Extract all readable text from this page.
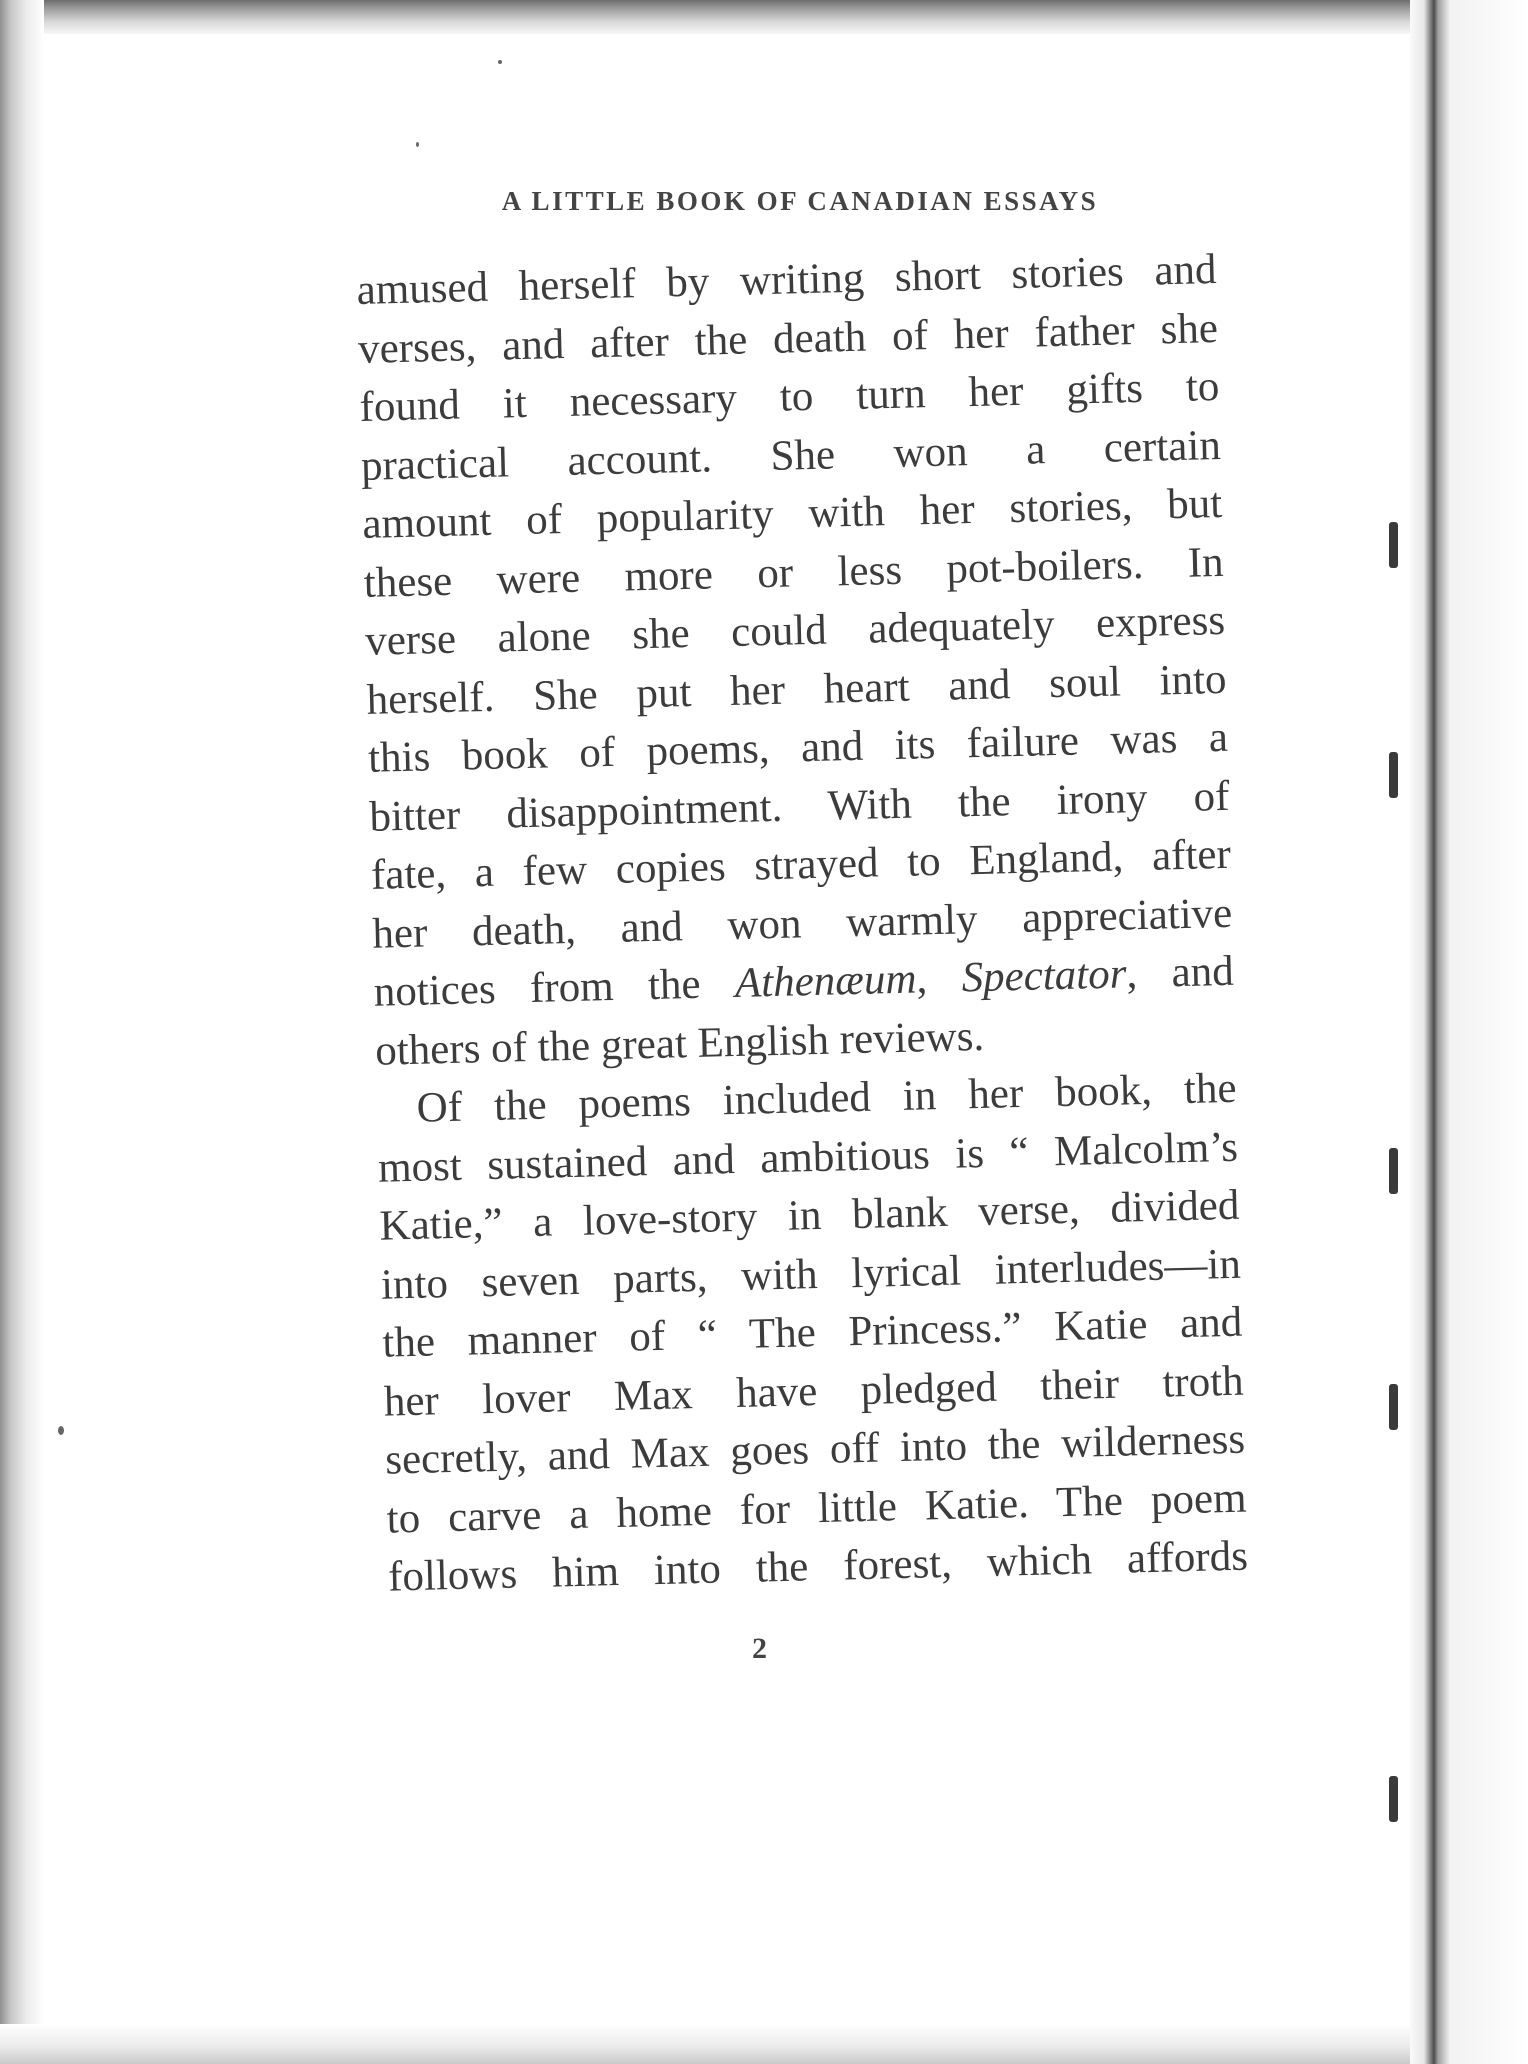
A LITTLE BOOK OF CANADIAN ESSAYS
amused herself by writing short stories and
verses, and after the death of her father she
found it necessary to turn her gifts to
practical account. She won a certain
amount of popularity with her stories, but
these were more or less pot-boilers. In
verse alone she could adequately express
herself. She put her heart and soul into
this book of poems, and its failure was a
bitter disappointment. With the irony of
fate, a few copies strayed to England, after
her death, and won warmly appreciative
notices from the Athenæum, Spectator, and
others of the great English reviews.
Of the poems included in her book, the
most sustained and ambitious is “ Malcolm’s
Katie,” a love-story in blank verse, divided
into seven parts, with lyrical interludes—in
the manner of “ The Princess.” Katie and
her lover Max have pledged their troth
secretly, and Max goes off into the wilderness
to carve a home for little Katie. The poem
follows him into the forest, which affords
2
